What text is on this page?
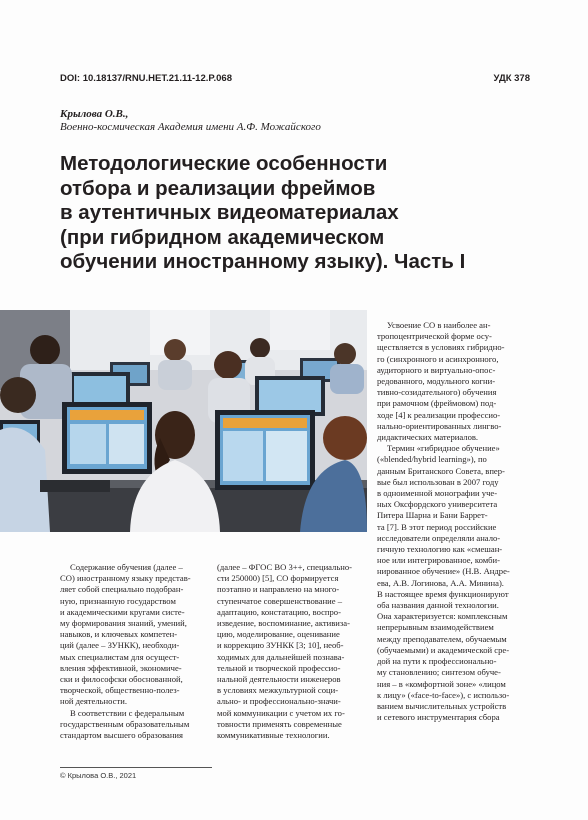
DOI: 10.18137/RNU.HET.21.11-12.P.068	УДК 378
Крылова О.В.,
Военно-космическая Академия имени А.Ф. Можайского
Методологические особенности
отбора и реализации фреймов
в аутентичных видеоматериалах
(при гибридном академическом
обучении иностранному языку). Часть I
Содержание обучения (далее –
СО) иностранному языку представ-
ляет собой специально подобран-
ную, признанную государством
и академическими кругами систе-
му формирования знаний, умений,
навыков, и ключевых компетен-
ций (далее – ЗУНКК), необходи-
мых специалистам для осущест-
вления эффективной, экономиче-
ски и философски обоснованной,
творческой, общественно-полез-
ной деятельности.
В соответствии с федеральным
государственным образовательным
стандартом высшего образования
(далее – ФГОС ВО 3++, специально-
сти 250000) [5], СО формируется
поэтапно и направлено на много-
ступенчатое совершенствование –
адаптацию, констатацию, воспро-
изведение, воспоминание, активиза-
цию, моделирование, оценивание
и коррекцию ЗУНКК [3; 10], необ-
ходимых для дальнейшей познава-
тельной и творческой профессио-
нальной деятельности инженеров
в условиях межкультурной соци-
ально- и профессионально-значи-
мой коммуникации с учетом их го-
товности применять современные
коммуникативные технологии.
Усвоение СО в наиболее ан-
тропоцентрической форме осу-
ществляется в условиях гибридно-
го (синхронного и асинхронного,
аудиторного и виртуально-опос-
редованного, модульного когни-
тивно-созидательного) обучения
при рамочном (фреймовом) под-
ходе [4] к реализации профессио-
нально-ориентированных лингво-
дидактических материалов.
Термин «гибридное обучение»
(«blended/hybrid learning»), по
данным Британского Совета, впер-
вые был использован в 2007 году
в одноименной монографии уче-
ных Оксфордского университета
Питера Шарна и Бани Баррет-
та [7]. В этот период российские
исследователи определяли анало-
гичную технологию как «смешан-
ное или интегрированное, комби-
нированное обучение» (Н.В. Андре-
ева, А.В. Логинова, А.А. Минина).
В настоящее время функционируют
оба названия данной технологии.
Она характеризуется: комплексным
непрерывным взаимодействием
между преподавателем, обучаемым
(обучаемыми) и академической сре-
дой на пути к профессионально-
му становлению; синтезом обуче-
ния – в «комфортной зоне» «лицом
к лицу» («face-to-face»), с использо-
ванием вычислительных устройств
и сетевого инструментария сбора
© Крылова О.В., 2021
